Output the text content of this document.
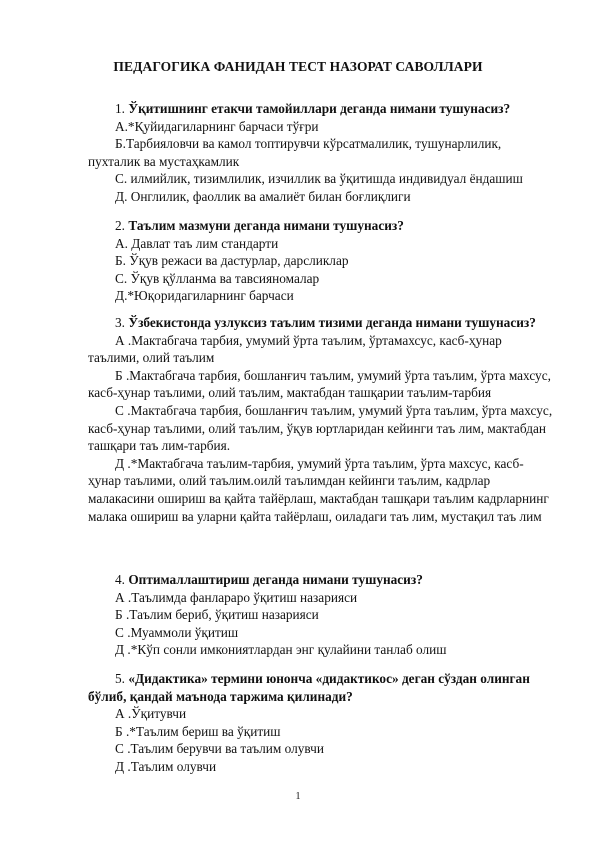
ПЕДАГОГИКА ФАНИДАН ТЕСТ НАЗОРАТ САВОЛЛАРИ

1. Ўқитишнинг етакчи тамойиллари деганда нимани тушунасиз?

А.*Қуйидагиларнинг барчаси тўғри

Б.Тарбияловчи ва камол топтирувчи кўрсатмалилик, тушунарлилик, пухталик ва мустаҳкамлик

С. илмийлик, тизимлилик, изчиллик ва ўқитишда индивидуал ёндашиш

Д. Онглилик, фаоллик ва амалиёт билан боғлиқлиги

2. Таълим мазмуни деганда нимани тушунасиз?

А. Давлат таъ лим стандарти

Б. Ўқув режаси ва дастурлар, дарсликлар

С. Ўқув қўлланма ва тавсияномалар

Д.*Юқоридагиларнинг барчаси

3. Ўзбекистонда узлуксиз таълим тизими деганда нимани тушунасиз?

А .Мактабгача тарбия, умумий ўрта таълим, ўртамахсус, касб-ҳунар таълими, олий таълим

Б .Мактабгача тарбия, бошланғич таълим, умумий ўрта таълим, ўрта махсус, касб-ҳунар таълими, олий таълим, мактабдан ташқарии таълим-тарбия

С .Мактабгача тарбия, бошланғич таълим, умумий ўрта таълим, ўрта махсус, касб-ҳунар таълими, олий таълим, ўқув юртларидан кейинги таъ лим, мактабдан ташқари таъ лим-тарбия.

Д .*Мактабгача таълим-тарбия, умумий ўрта таълим, ўрта махсус, касб-ҳунар таълими, олий таълим.оилй таълимдан кейинги таълим, кадрлар малакасини ошириш ва қайта тайёрлаш, мактабдан ташқари таълим кадрларнинг малака ошириш ва уларни қайта тайёрлаш, оиладаги таъ лим, мустақил таъ лим

4. Оптималлаштириш деганда нимани тушунасиз?

А .Таълимда фанлараро ўқитиш назарияси

Б .Таълим бериб, ўқитиш назарияси

С .Муаммоли ўқитиш

Д .*Кўп сонли имкониятлардан энг қулайини танлаб олиш

5. «Дидактика» термини юнонча «дидактикос» деган сўздан олинган бўлиб, қандай маънода таржима қилинади?

А .Ўқитувчи

Б .*Таълим бериш ва ўқитиш

С .Таълим берувчи ва таълим олувчи

Д .Таълим олувчи

1
